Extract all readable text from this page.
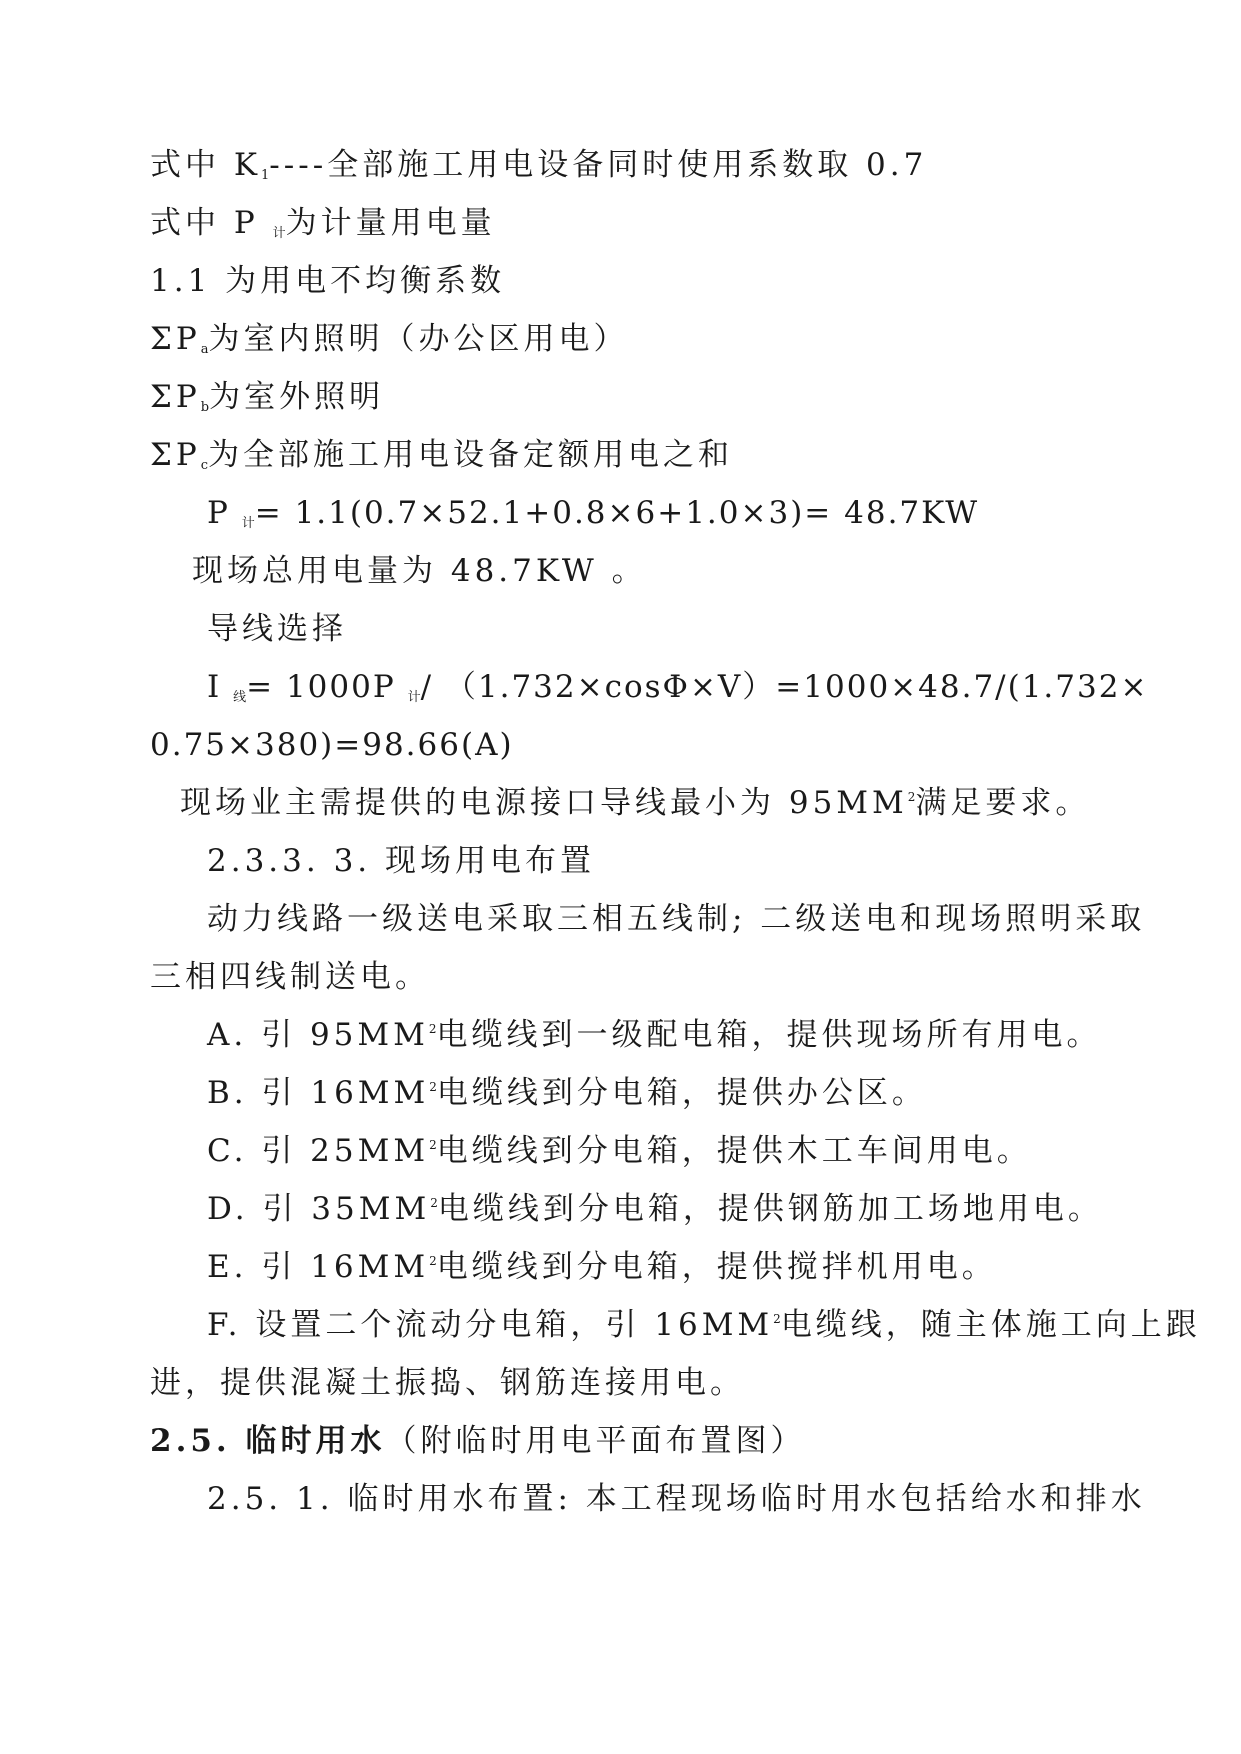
式中 $K_1----$全部施工用电设备同时使用系数取 0.7
式中 P $_计$为计量用电量
1.1 为用电不均衡系数
$\Sigma P_a$为室内照明（办公区用电）
$\Sigma P_b$为室外照明
$\Sigma P_c$为全部施工用电设备定额用电之和
P $_计$= 1.1(0.7×52.1+0.8×6+1.0×3)= 48.7KW
现场总用电量为 48.7KW 。
导线选择
I $_线$= 1000P $_计$/ （1.732×cosΦ×V）=1000×48.7/(1.732×
0.75×380)=98.66(A)
现场业主需提供的电源接口导线最小为 $95MM^2$满足要求。
2.3.3. 3. 现场用电布置
动力线路一级送电采取三相五线制; 二级送电和现场照明采取
三相四线制送电。
A. 引 $95MM^2$电缆线到一级配电箱，提供现场所有用电。
B. 引 $16MM^2$电缆线到分电箱，提供办公区。
C. 引 $25MM^2$电缆线到分电箱，提供木工车间用电。
D. 引 $35MM^2$电缆线到分电箱，提供钢筋加工场地用电。
E. 引 $16MM^2$电缆线到分电箱，提供搅拌机用电。
F. 设置二个流动分电箱，引 $16MM^2$电缆线，随主体施工向上跟
进，提供混凝土振捣、钢筋连接用电。
2.5. 临时用水（附临时用电平面布置图）
2.5. 1. 临时用水布置: 本工程现场临时用水包括给水和排水
